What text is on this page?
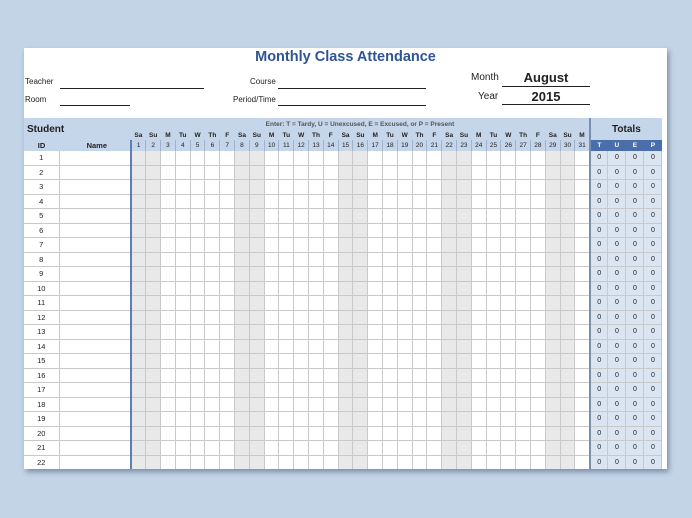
Monthly Class Attendance
Teacher
Room
Course
Period/Time
Month	August
Year	2015
Student		Enter: T = Tardy, U = Unexcused, E = Excused, or P = Present																															Totals			
		Sa	Su	M	Tu	W	Th	F	Sa	Su	M	Tu	W	Th	F	Sa	Su	M	Tu	W	Th	F	Sa	Su	M	Tu	W	Th	F	Sa	Su	M				
ID	Name	1	2	3	4	5	6	7	8	9	10	11	12	13	14	15	16	17	18	19	20	21	22	23	24	25	26	27	28	29	30	31	T	U	E	P
1																																	0	0	0	0
2																																	0	0	0	0
3																																	0	0	0	0
4																																	0	0	0	0
5																																	0	0	0	0
6																																	0	0	0	0
7																																	0	0	0	0
8																																	0	0	0	0
9																																	0	0	0	0
10																																	0	0	0	0
11																																	0	0	0	0
12																																	0	0	0	0
13																																	0	0	0	0
14																																	0	0	0	0
15																																	0	0	0	0
16																																	0	0	0	0
17																																	0	0	0	0
18																																	0	0	0	0
19																																	0	0	0	0
20																																	0	0	0	0
21																																	0	0	0	0
22																																	0	0	0	0
